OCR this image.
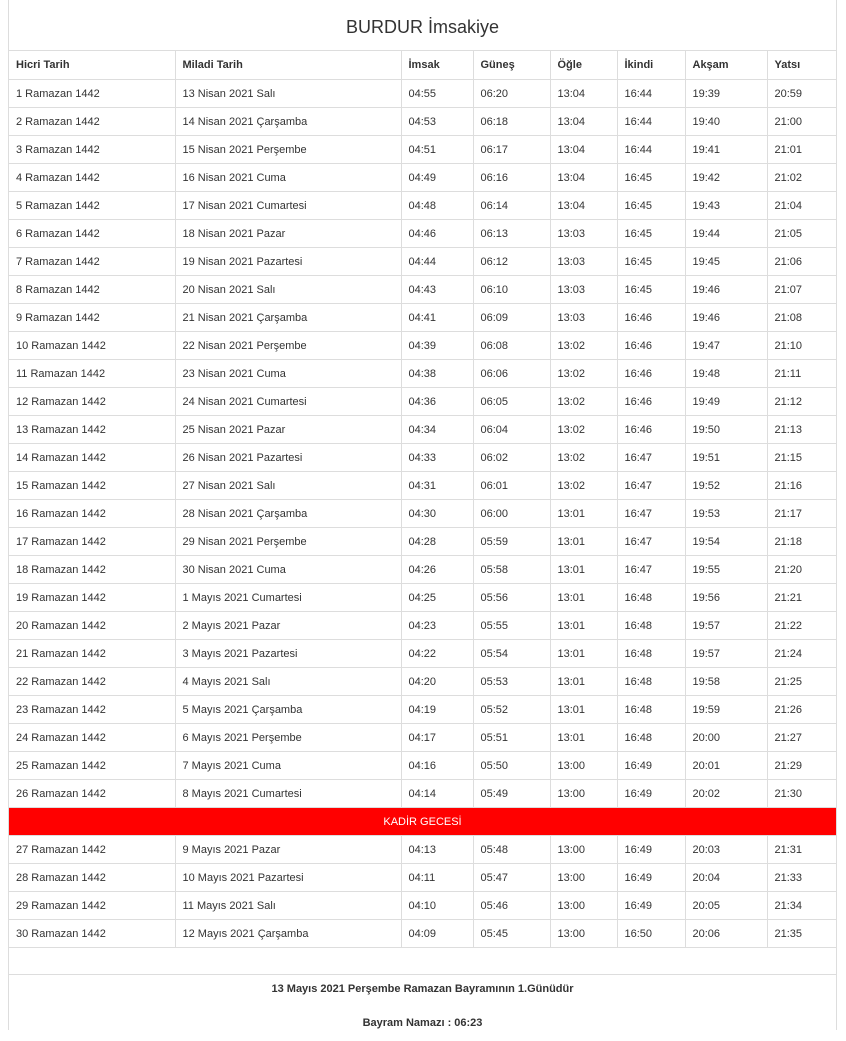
BURDUR İmsakiye
Hicri Tarih	Miladi Tarih	İmsak	Güneş	Öğle	İkindi	Akşam	Yatsı
1 Ramazan 1442	13 Nisan 2021 Salı	04:55	06:20	13:04	16:44	19:39	20:59
2 Ramazan 1442	14 Nisan 2021 Çarşamba	04:53	06:18	13:04	16:44	19:40	21:00
3 Ramazan 1442	15 Nisan 2021 Perşembe	04:51	06:17	13:04	16:44	19:41	21:01
4 Ramazan 1442	16 Nisan 2021 Cuma	04:49	06:16	13:04	16:45	19:42	21:02
5 Ramazan 1442	17 Nisan 2021 Cumartesi	04:48	06:14	13:04	16:45	19:43	21:04
6 Ramazan 1442	18 Nisan 2021 Pazar	04:46	06:13	13:03	16:45	19:44	21:05
7 Ramazan 1442	19 Nisan 2021 Pazartesi	04:44	06:12	13:03	16:45	19:45	21:06
8 Ramazan 1442	20 Nisan 2021 Salı	04:43	06:10	13:03	16:45	19:46	21:07
9 Ramazan 1442	21 Nisan 2021 Çarşamba	04:41	06:09	13:03	16:46	19:46	21:08
10 Ramazan 1442	22 Nisan 2021 Perşembe	04:39	06:08	13:02	16:46	19:47	21:10
11 Ramazan 1442	23 Nisan 2021 Cuma	04:38	06:06	13:02	16:46	19:48	21:11
12 Ramazan 1442	24 Nisan 2021 Cumartesi	04:36	06:05	13:02	16:46	19:49	21:12
13 Ramazan 1442	25 Nisan 2021 Pazar	04:34	06:04	13:02	16:46	19:50	21:13
14 Ramazan 1442	26 Nisan 2021 Pazartesi	04:33	06:02	13:02	16:47	19:51	21:15
15 Ramazan 1442	27 Nisan 2021 Salı	04:31	06:01	13:02	16:47	19:52	21:16
16 Ramazan 1442	28 Nisan 2021 Çarşamba	04:30	06:00	13:01	16:47	19:53	21:17
17 Ramazan 1442	29 Nisan 2021 Perşembe	04:28	05:59	13:01	16:47	19:54	21:18
18 Ramazan 1442	30 Nisan 2021 Cuma	04:26	05:58	13:01	16:47	19:55	21:20
19 Ramazan 1442	1 Mayıs 2021 Cumartesi	04:25	05:56	13:01	16:48	19:56	21:21
20 Ramazan 1442	2 Mayıs 2021 Pazar	04:23	05:55	13:01	16:48	19:57	21:22
21 Ramazan 1442	3 Mayıs 2021 Pazartesi	04:22	05:54	13:01	16:48	19:57	21:24
22 Ramazan 1442	4 Mayıs 2021 Salı	04:20	05:53	13:01	16:48	19:58	21:25
23 Ramazan 1442	5 Mayıs 2021 Çarşamba	04:19	05:52	13:01	16:48	19:59	21:26
24 Ramazan 1442	6 Mayıs 2021 Perşembe	04:17	05:51	13:01	16:48	20:00	21:27
25 Ramazan 1442	7 Mayıs 2021 Cuma	04:16	05:50	13:00	16:49	20:01	21:29
26 Ramazan 1442	8 Mayıs 2021 Cumartesi	04:14	05:49	13:00	16:49	20:02	21:30
KADİR GECESİ							
27 Ramazan 1442	9 Mayıs 2021 Pazar	04:13	05:48	13:00	16:49	20:03	21:31
28 Ramazan 1442	10 Mayıs 2021 Pazartesi	04:11	05:47	13:00	16:49	20:04	21:33
29 Ramazan 1442	11 Mayıs 2021 Salı	04:10	05:46	13:00	16:49	20:05	21:34
30 Ramazan 1442	12 Mayıs 2021 Çarşamba	04:09	05:45	13:00	16:50	20:06	21:35
13 Mayıs 2021 Perşembe Ramazan Bayramının 1.Günüdür
Bayram Namazı : 06:23
